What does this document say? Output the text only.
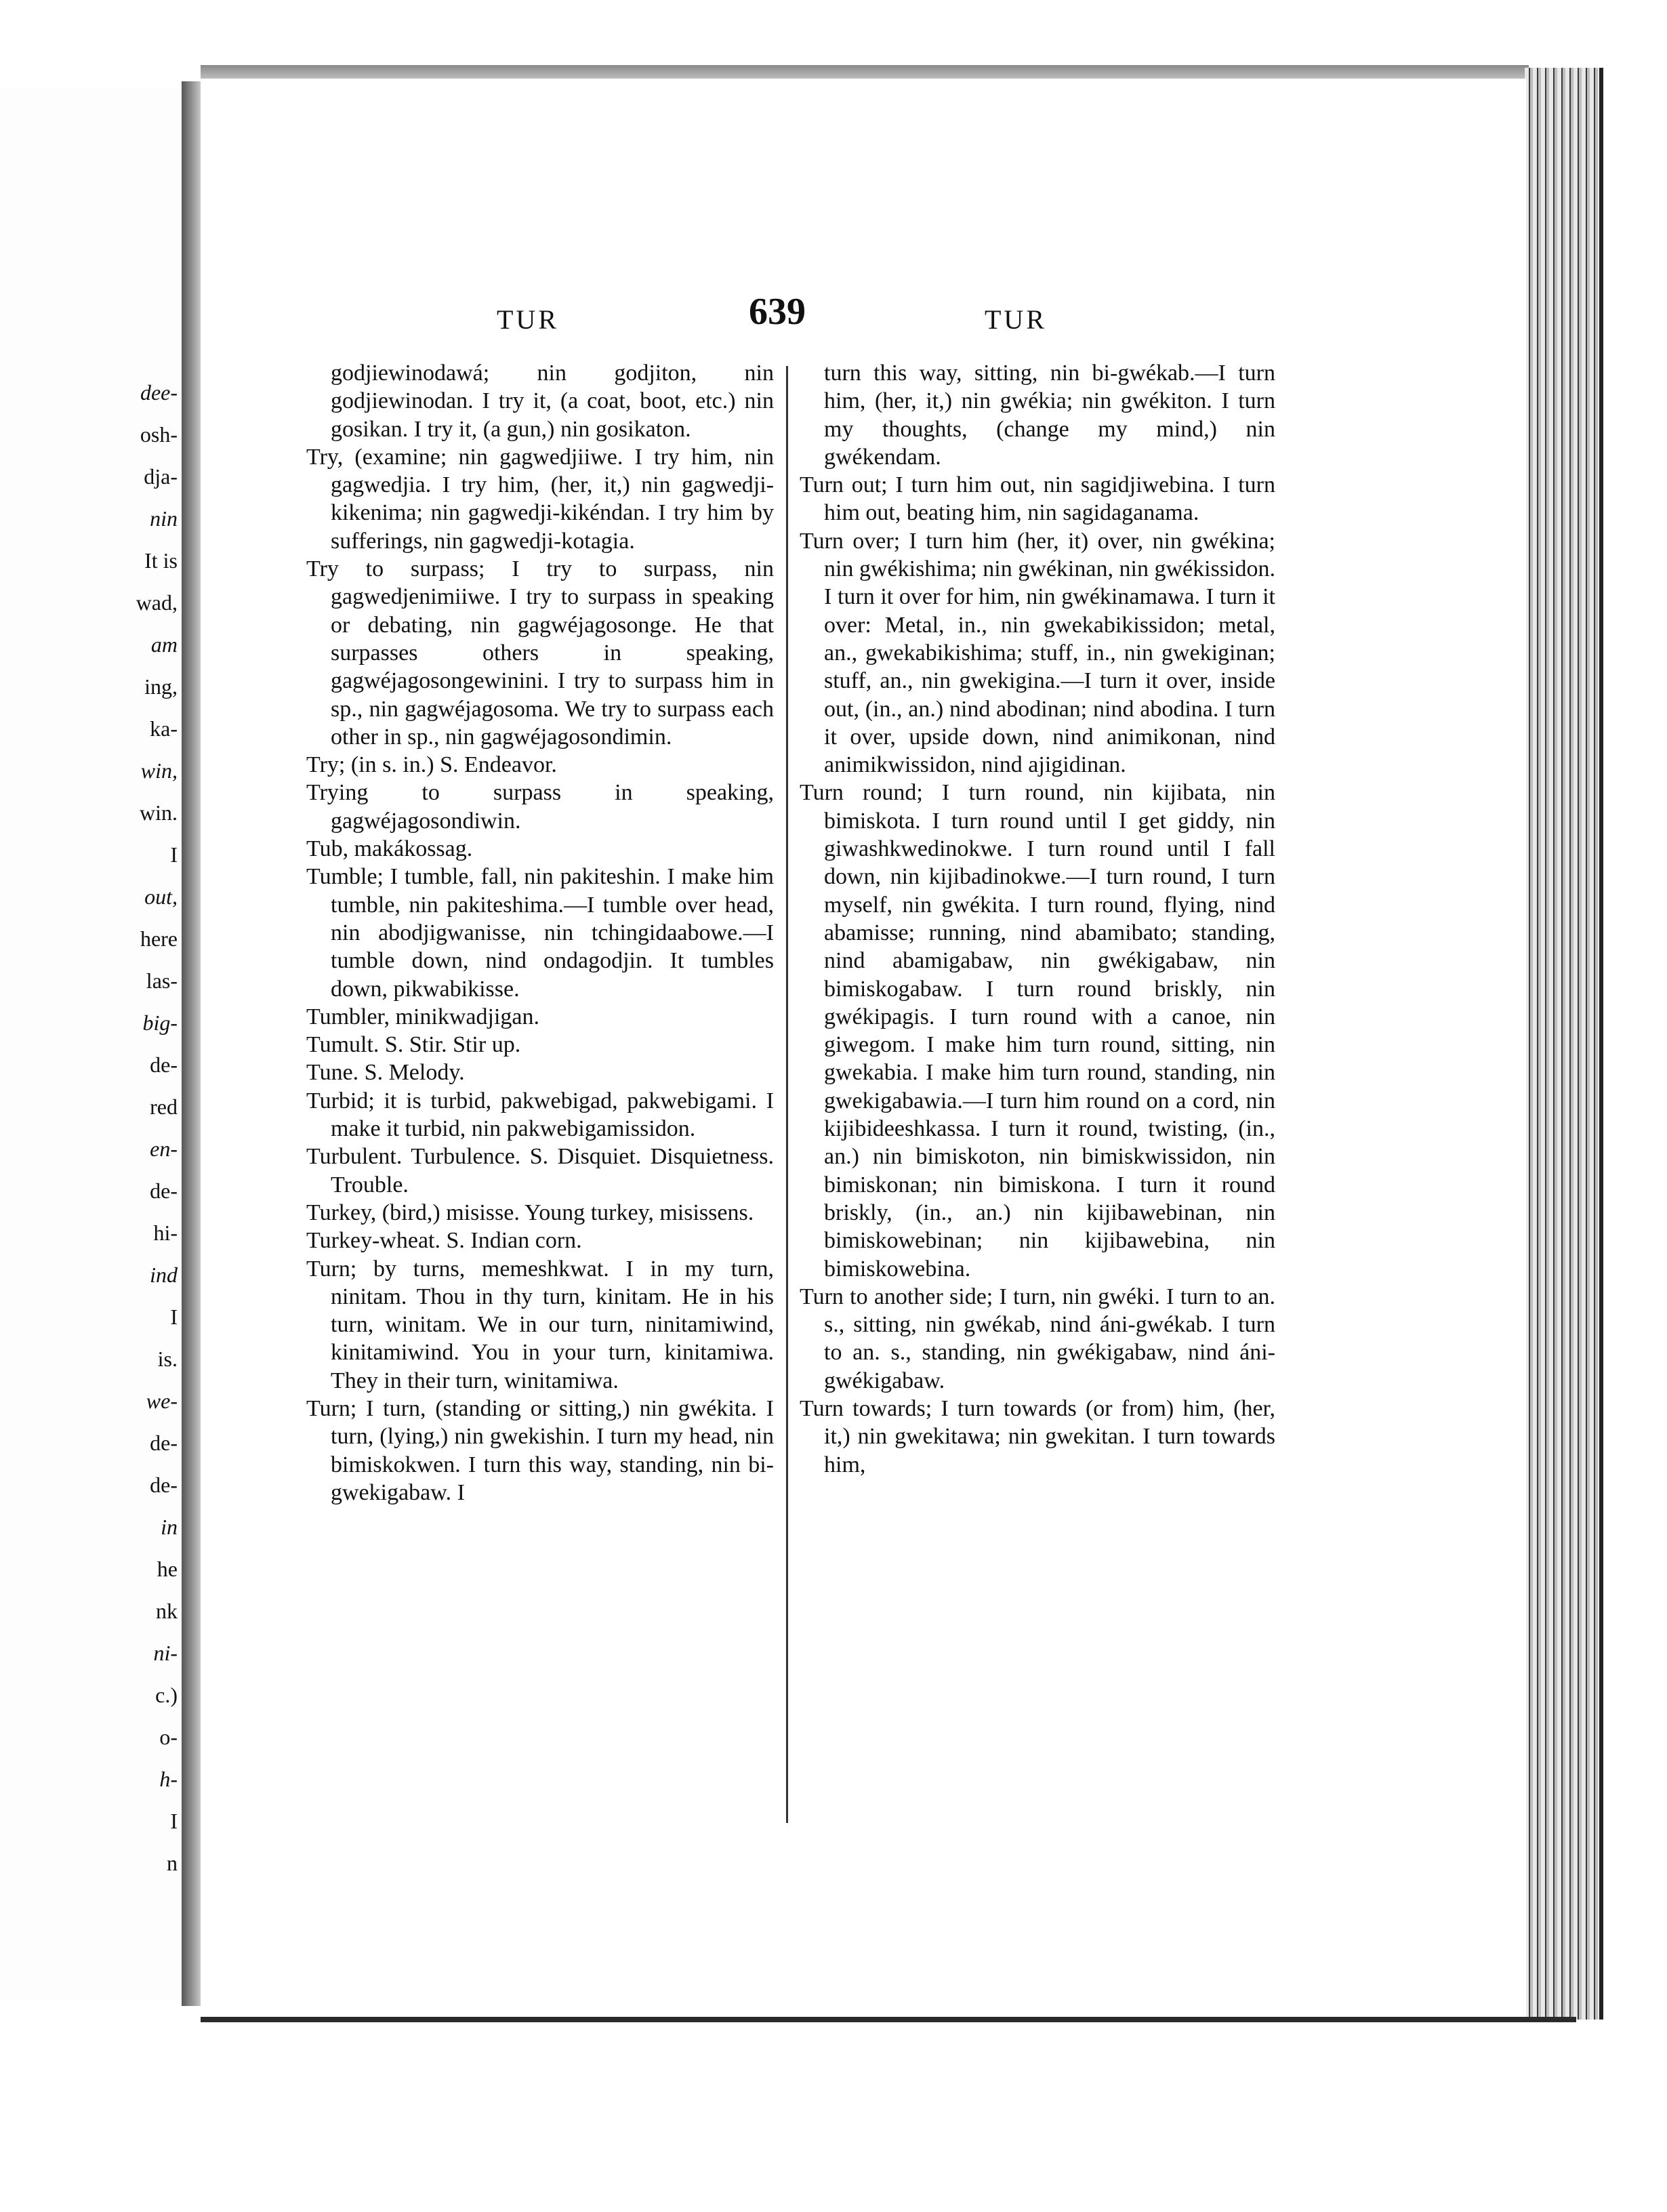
dee-
osh-
dja-
nin
It is
wad,
am
ing,
ka-
win,
win.
I
out,
here
las-
big-
de-
red
en-
de-
hi-
ind
I
is.
we-
de-
de-
in
he
nk
ni-
c.)
o-
h-
I
n
TUR	639	TUR

godjiewinodawá; nin godjiton, nin godjiewinodan. I try it, (a coat, boot, etc.) nin gosikan. I try it, (a gun,) nin gosikaton.

Try, (examine; nin gagwedjiiwe. I try him, nin gagwedjia. I try him, (her, it,) nin gagwedji-kikenima; nin gagwedji-kikéndan. I try him by sufferings, nin gagwedji-kotagia.

Try to surpass; I try to surpass, nin gagwedjenimiiwe. I try to surpass in speaking or debating, nin gagwéjagosonge. He that surpasses others in speaking, gagwéjagosongewinini. I try to surpass him in sp., nin gagwéjagosoma. We try to surpass each other in sp., nin gagwéjagosondimin.

Try; (in s. in.) S. Endeavor.

Trying to surpass in speaking, gagwéjagosondiwin.

Tub, makákossag.

Tumble; I tumble, fall, nin pakiteshin. I make him tumble, nin pakiteshima.—I tumble over head, nin abodjigwanisse, nin tchingidaabowe.—I tumble down, nind ondagodjin. It tumbles down, pikwabikisse.

Tumbler, minikwadjigan.

Tumult. S. Stir. Stir up.

Tune. S. Melody.

Turbid; it is turbid, pakwebigad, pakwebigami. I make it turbid, nin pakwebigamissidon.

Turbulent. Turbulence. S. Disquiet. Disquietness. Trouble.

Turkey, (bird,) misisse. Young turkey, misissens.

Turkey-wheat. S. Indian corn.

Turn; by turns, memeshkwat. I in my turn, ninitam. Thou in thy turn, kinitam. He in his turn, winitam. We in our turn, ninitamiwind, kinitamiwind. You in your turn, kinitamiwa. They in their turn, winitamiwa.

Turn; I turn, (standing or sitting,) nin gwékita. I turn, (lying,) nin gwekishin. I turn my head, nin bimiskokwen. I turn this way, standing, nin bi-gwekigabaw. I

turn this way, sitting, nin bi-gwékab.—I turn him, (her, it,) nin gwékia; nin gwékiton. I turn my thoughts, (change my mind,) nin gwékendam.

Turn out; I turn him out, nin sagidjiwebina. I turn him out, beating him, nin sagidaganama.

Turn over; I turn him (her, it) over, nin gwékina; nin gwékishima; nin gwékinan, nin gwékissidon. I turn it over for him, nin gwékinamawa. I turn it over: Metal, in., nin gwekabikissidon; metal, an., gwekabikishima; stuff, in., nin gwekiginan; stuff, an., nin gwekigina.—I turn it over, inside out, (in., an.) nind abodinan; nind abodina. I turn it over, upside down, nind animikonan, nind animikwissidon, nind ajigidinan.

Turn round; I turn round, nin kijibata, nin bimiskota. I turn round until I get giddy, nin giwashkwedinokwe. I turn round until I fall down, nin kijibadinokwe.—I turn round, I turn myself, nin gwékita. I turn round, flying, nind abamisse; running, nind abamibato; standing, nind abamigabaw, nin gwékigabaw, nin bimiskogabaw. I turn round briskly, nin gwékipagis. I turn round with a canoe, nin giwegom. I make him turn round, sitting, nin gwekabia. I make him turn round, standing, nin gwekigabawia.—I turn him round on a cord, nin kijibideeshkassa. I turn it round, twisting, (in., an.) nin bimiskoton, nin bimiskwissidon, nin bimiskonan; nin bimiskona. I turn it round briskly, (in., an.) nin kijibawebinan, nin bimiskowebinan; nin kijibawebina, nin bimiskowebina.

Turn to another side; I turn, nin gwéki. I turn to an. s., sitting, nin gwékab, nind áni-gwékab. I turn to an. s., standing, nin gwékigabaw, nind áni-gwékigabaw.

Turn towards; I turn towards (or from) him, (her, it,) nin gwekitawa; nin gwekitan. I turn towards him,
